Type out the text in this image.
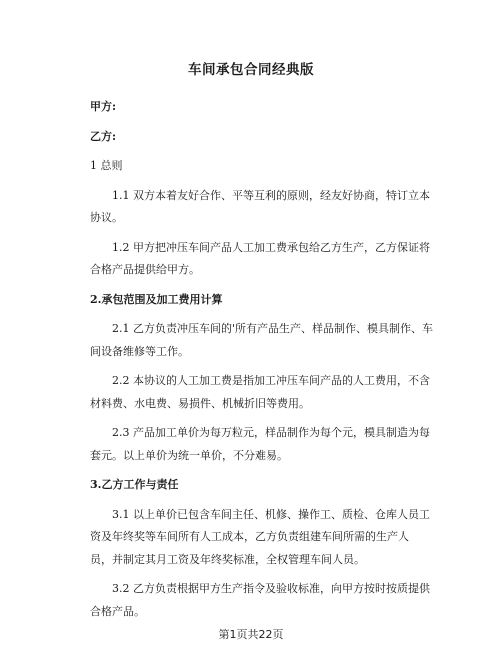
车间承包合同经典版
甲方:
乙方:
1 总则
1.1 双方本着友好合作、平等互利的原则，经友好协商，特订立本
协议。
1.2 甲方把冲压车间产品人工加工费承包给乙方生产，乙方保证将
合格产品提供给甲方。
2.承包范围及加工费用计算
2.1 乙方负责冲压车间的'所有产品生产、样品制作、模具制作、车
间设备维修等工作。
2.2 本协议的人工加工费是指加工冲压车间产品的人工费用，不含
材料费、水电费、易损件、机械折旧等费用。
2.3 产品加工单价为每万粒元，样品制作为每个元，模具制造为每
套元。以上单价为统一单价，不分难易。
3.乙方工作与责任
3.1 以上单价已包含车间主任、机修、操作工、质检、仓库人员工
资及年终奖等车间所有人工成本，乙方负责组建车间所需的生产人
员，并制定其月工资及年终奖标准，全权管理车间人员。
3.2 乙方负责根据甲方生产指令及验收标准，向甲方按时按质提供
合格产品。
第1页共22页
